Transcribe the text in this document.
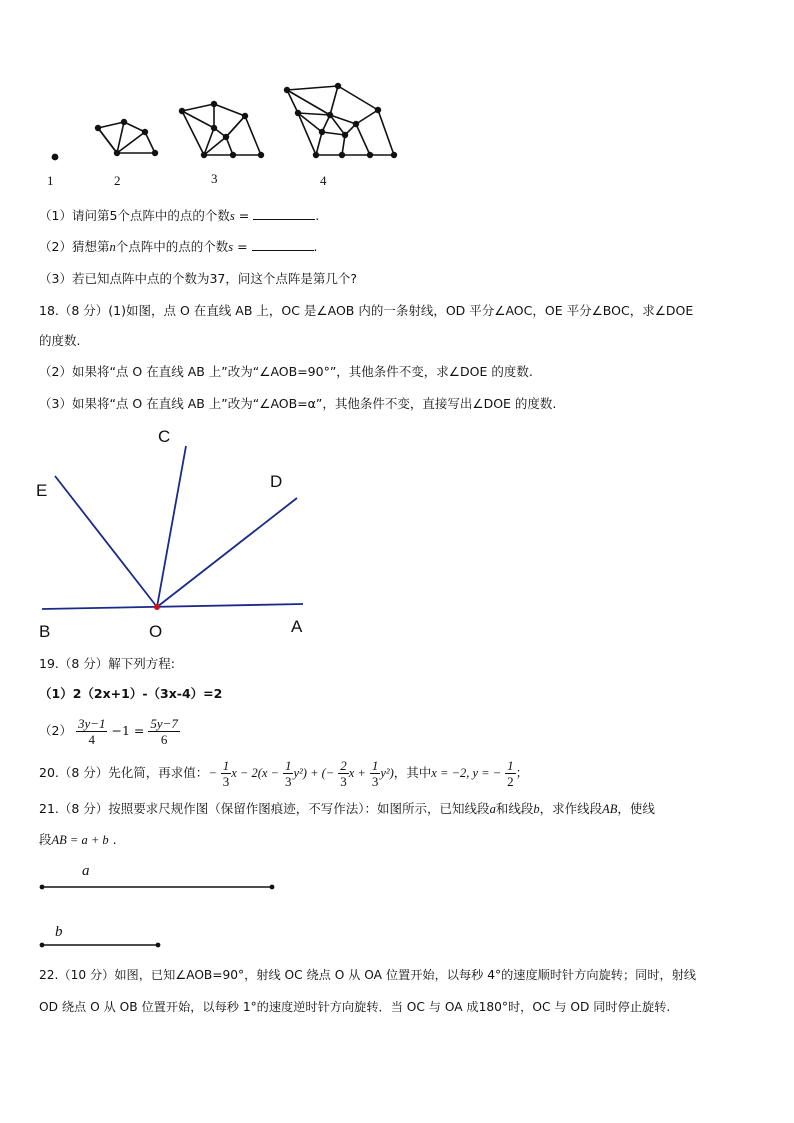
1	2	3	4
（1）请问第5个点阵中的点的个数s =	.
（2）猜想第n个点阵中的点的个数s =	.
（3）若已知点阵中点的个数为37，问这个点阵是第几个?
18.（8 分）(1)如图，点 O 在直线 AB 上，OC 是∠AOB 内的一条射线，OD 平分∠AOC，OE 平分∠BOC，求∠DOE
的度数.
（2）如果将“点 O 在直线 AB 上”改为“∠AOB=90°”，其他条件不变，求∠DOE 的度数.
（3）如果将“点 O 在直线 AB 上”改为“∠AOB=α”，其他条件不变，直接写出∠DOE 的度数.
C
E	D
B	O	A
19.（8 分）解下列方程:
（1）2（2x+1）-（3x-4）=2
$(2) \frac{3y-1}{4} -1 = \frac{5y-7}{6}$
20.（8 分）先化简，再求值：− $\frac{1}{3}$ $x - 2(x - \frac{1}{3} y^2)$ + (− $\frac{2}{3}$ $x + \frac{1}{3} y^2$)，其中x = −2, y = − $\frac{1}{2}$ ；
21.（8 分）按照要求尺规作图（保留作图痕迹，不写作法）：如图所示，已知线段a和线段b，求作线段AB，使线
段AB = a + b .
a
b
22.（10 分）如图，已知∠AOB=90°，射线 OC 绕点 O 从 OA 位置开始，以每秒 4°的速度顺时针方向旋转；同时，射线
OD 绕点 O 从 OB 位置开始，以每秒 1°的速度逆时针方向旋转．当 OC 与 OA 成180°时，OC 与 OD 同时停止旋转.
